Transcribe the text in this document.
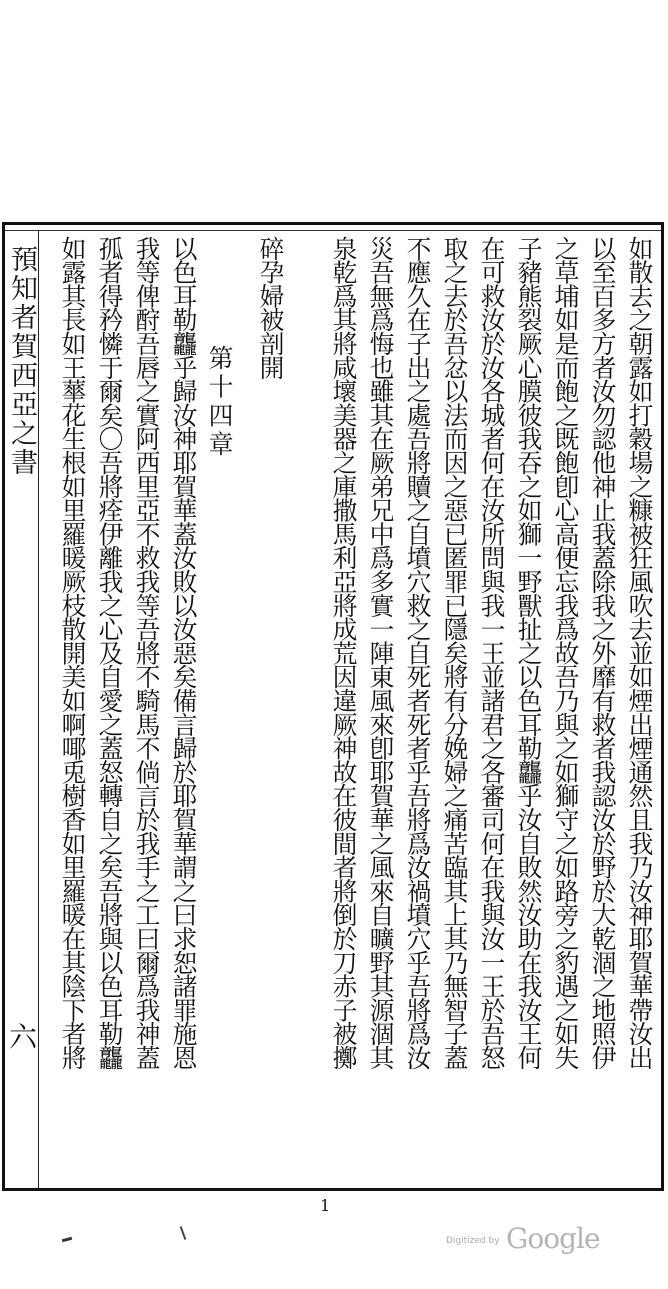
預知者賀西亞之書
六	如散去之朝露如打穀場之糠被狂風吹去並如煙出煙通然且我乃汝神耶賀華帶汝出
以至百多方者汝勿認他神止我蓋除我之外靡有救者我認汝於野於大乾涸之地照伊
之草埔如是而飽之既飽卽心高便忘我爲故吾乃與之如獅守之如路旁之豹遇之如失
子豬熊裂厥心膜彼我吞之如獅一野獸扯之以色耳勒龘乎汝自敗然汝助在我汝王何
在可救汝於汝各城者何在汝所問與我一王並諸君之各審司何在我與汝一王於吾怒
取之去於吾忿以法而因之惡已匿罪已隱矣將有分娩婦之痛苦臨其上其乃無智子蓋
不應久在子出之處吾將贖之自墳穴救之自死者死者乎吾將爲汝禍墳穴乎吾將爲汝
災吾無爲悔也雖其在厥弟兄中爲多實一陣東風來卽耶賀華之風來自曠野其源涸其
泉乾爲其將咸壞美器之庫撒馬利亞將成荒因違厥神故在彼間者將倒於刀赤子被擲
碎孕婦被剖開
第十四章
以色耳勒龘乎歸汝神耶賀華蓋汝敗以汝惡矣備言歸於耶賀華謂之曰求恕諸罪施恩
我等俾酧吾唇之實阿西里亞不救我等吾將不騎馬不倘言於我手之工曰爾爲我神蓋
孤者得矜憐于爾矣〇吾將痊伊離我之心及自愛之蓋怒轉自之矣吾將與以色耳勒龘
如露其長如王蕐花生根如里羅暖厥枝散開美如啊㖿兎樹香如里羅暖在其陰下者將
1
Digitized by Google
